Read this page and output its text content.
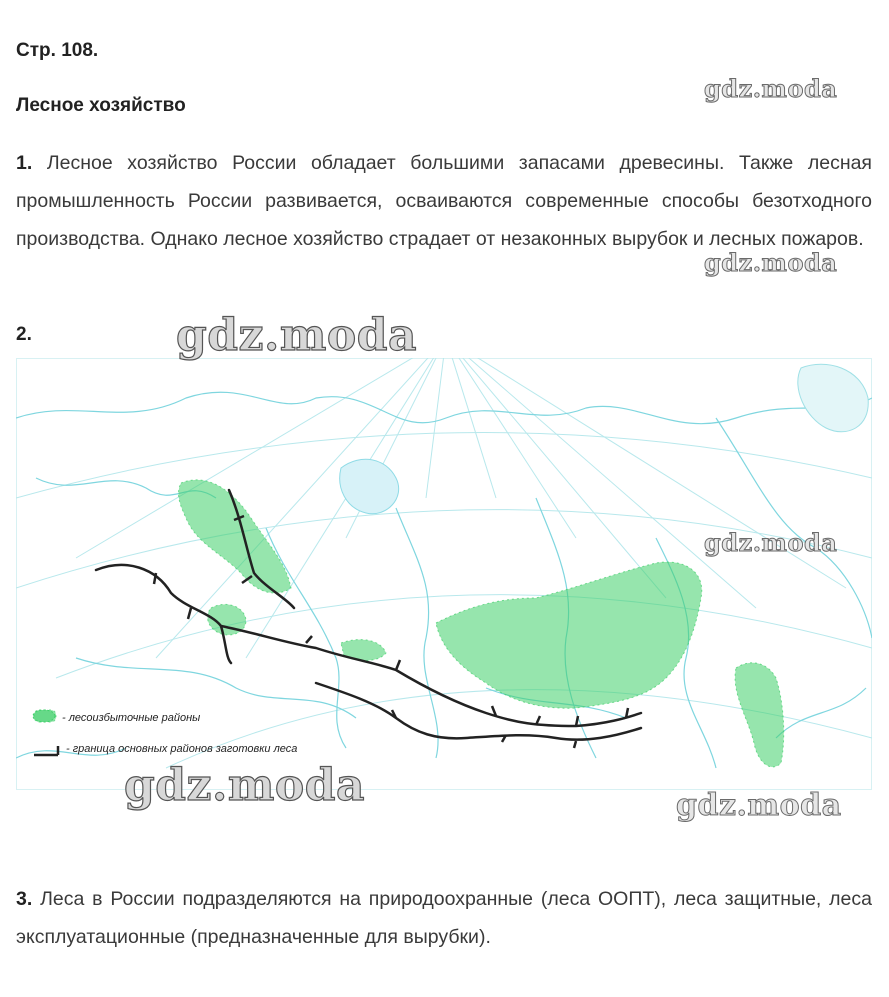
Стр. 108.
Лесное хозяйство
1. Лесное хозяйство России обладает большими запасами древесины. Также лесная промышленность России развивается, осваиваются современные способы безотходного производства. Однако лесное хозяйство страдает от незаконных вырубок и лесных пожаров.
2.
- лесоизбыточные районы
- граница основных районов заготовки леса
3. Леса в России подразделяются на природоохранные (леса ООПТ), леса защитные, леса эксплуатационные (предназначенные для вырубки).
gdz.moda
gdz.moda
gdz.moda
gdz.moda
gdz.moda	gdz.moda
